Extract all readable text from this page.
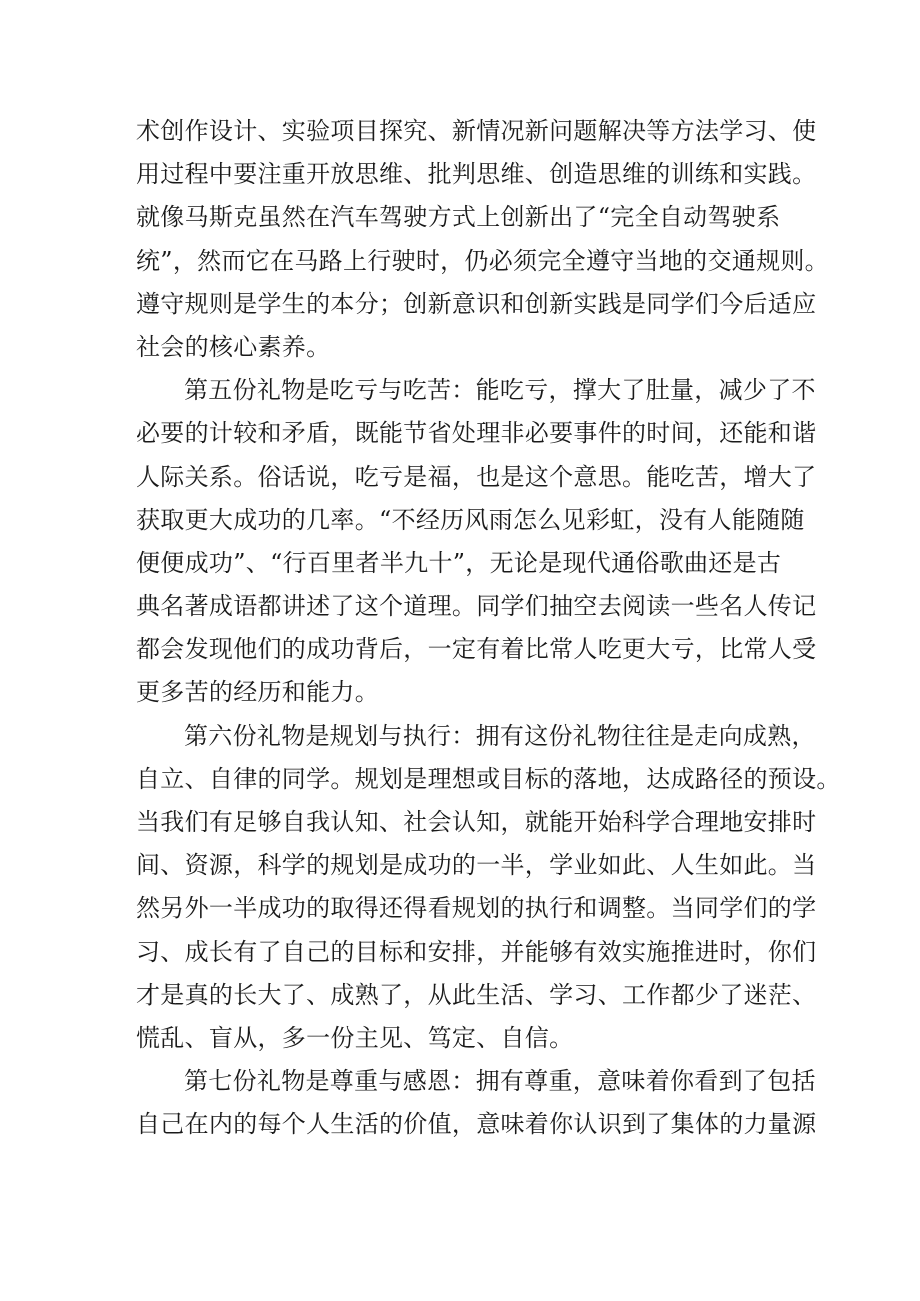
术创作设计、实验项目探究、新情况新问题解决等方法学习、使
用过程中要注重开放思维、批判思维、创造思维的训练和实践。
就像马斯克虽然在汽车驾驶方式上创新出了“完全自动驾驶系
统”，然而它在马路上行驶时，仍必须完全遵守当地的交通规则。
遵守规则是学生的本分；创新意识和创新实践是同学们今后适应
社会的核心素养。
第五份礼物是吃亏与吃苦：能吃亏，撑大了肚量，减少了不
必要的计较和矛盾，既能节省处理非必要事件的时间，还能和谐
人际关系。俗话说，吃亏是福，也是这个意思。能吃苦，增大了
获取更大成功的几率。“不经历风雨怎么见彩虹，没有人能随随
便便成功”、“行百里者半九十”，无论是现代通俗歌曲还是古
典名著成语都讲述了这个道理。同学们抽空去阅读一些名人传记
都会发现他们的成功背后，一定有着比常人吃更大亏，比常人受
更多苦的经历和能力。
第六份礼物是规划与执行：拥有这份礼物往往是走向成熟，
自立、自律的同学。规划是理想或目标的落地，达成路径的预设。
当我们有足够自我认知、社会认知，就能开始科学合理地安排时
间、资源，科学的规划是成功的一半，学业如此、人生如此。当
然另外一半成功的取得还得看规划的执行和调整。当同学们的学
习、成长有了自己的目标和安排，并能够有效实施推进时，你们
才是真的长大了、成熟了，从此生活、学习、工作都少了迷茫、
慌乱、盲从，多一份主见、笃定、自信。
第七份礼物是尊重与感恩：拥有尊重，意味着你看到了包括
自己在内的每个人生活的价值，意味着你认识到了集体的力量源
